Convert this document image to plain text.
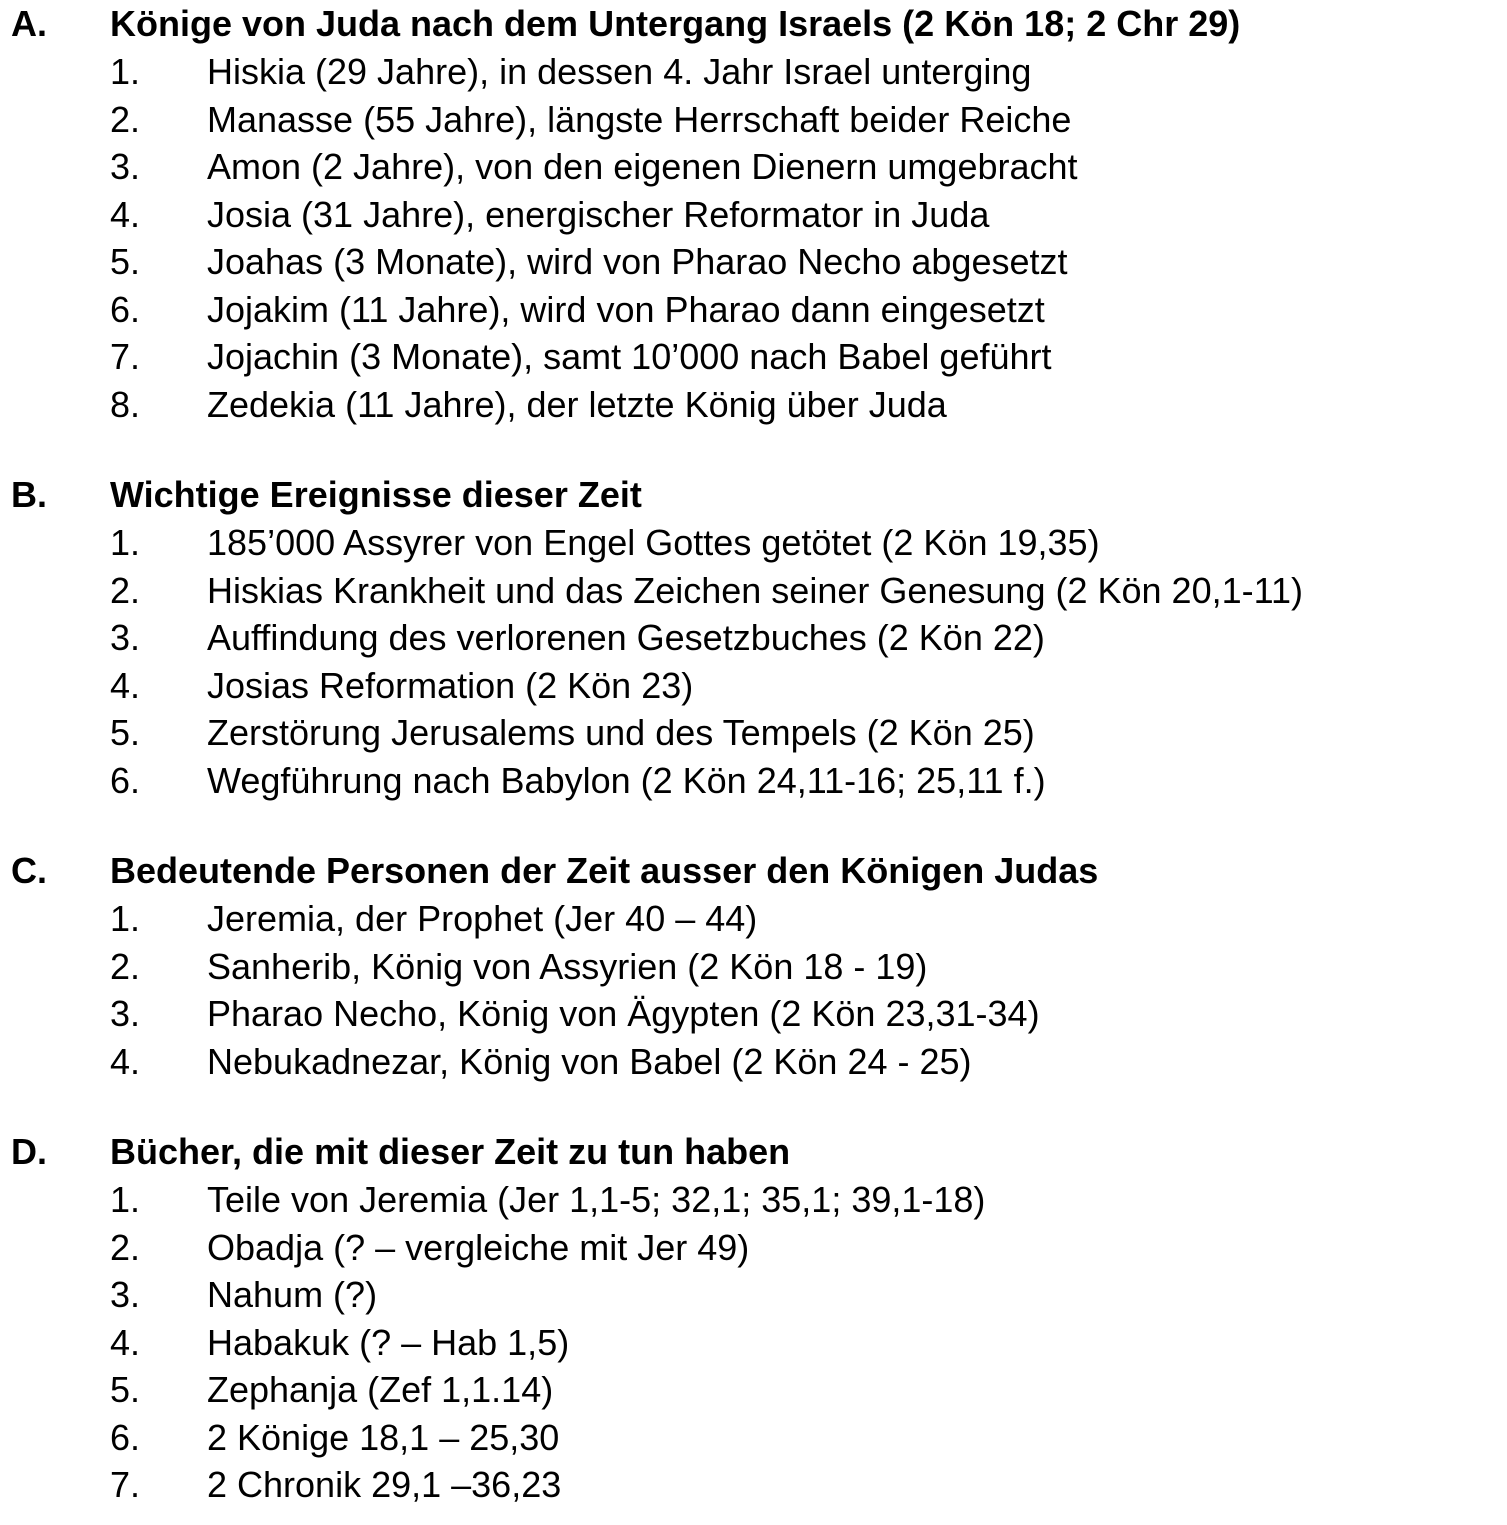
A. Könige von Juda nach dem Untergang Israels (2 Kön 18; 2 Chr 29)
1. Hiskia (29 Jahre), in dessen 4. Jahr Israel unterging
2. Manasse (55 Jahre), längste Herrschaft beider Reiche
3. Amon (2 Jahre), von den eigenen Dienern umgebracht
4. Josia (31 Jahre), energischer Reformator in Juda
5. Joahas (3 Monate), wird von Pharao Necho abgesetzt
6. Jojakim (11 Jahre), wird von Pharao dann eingesetzt
7. Jojachin (3 Monate), samt 10’000 nach Babel geführt
8. Zedekia (11 Jahre), der letzte König über Juda
B. Wichtige Ereignisse dieser Zeit
1. 185’000 Assyrer von Engel Gottes getötet (2 Kön 19,35)
2. Hiskias Krankheit und das Zeichen seiner Genesung (2 Kön 20,1-11)
3. Auffindung des verlorenen Gesetzbuches (2 Kön 22)
4. Josias Reformation (2 Kön 23)
5. Zerstörung Jerusalems und des Tempels (2 Kön 25)
6. Wegführung nach Babylon (2 Kön 24,11-16; 25,11 f.)
C. Bedeutende Personen der Zeit ausser den Königen Judas
1. Jeremia, der Prophet (Jer 40 – 44)
2. Sanherib, König von Assyrien (2 Kön 18 - 19)
3. Pharao Necho, König von Ägypten (2 Kön 23,31-34)
4. Nebukadnezar, König von Babel (2 Kön 24 - 25)
D. Bücher, die mit dieser Zeit zu tun haben
1. Teile von Jeremia (Jer 1,1-5; 32,1; 35,1; 39,1-18)
2. Obadja (? – vergleiche mit Jer 49)
3. Nahum (?)
4. Habakuk (? – Hab 1,5)
5. Zephanja (Zef 1,1.14)
6. 2 Könige 18,1 – 25,30
7. 2 Chronik 29,1 –36,23
